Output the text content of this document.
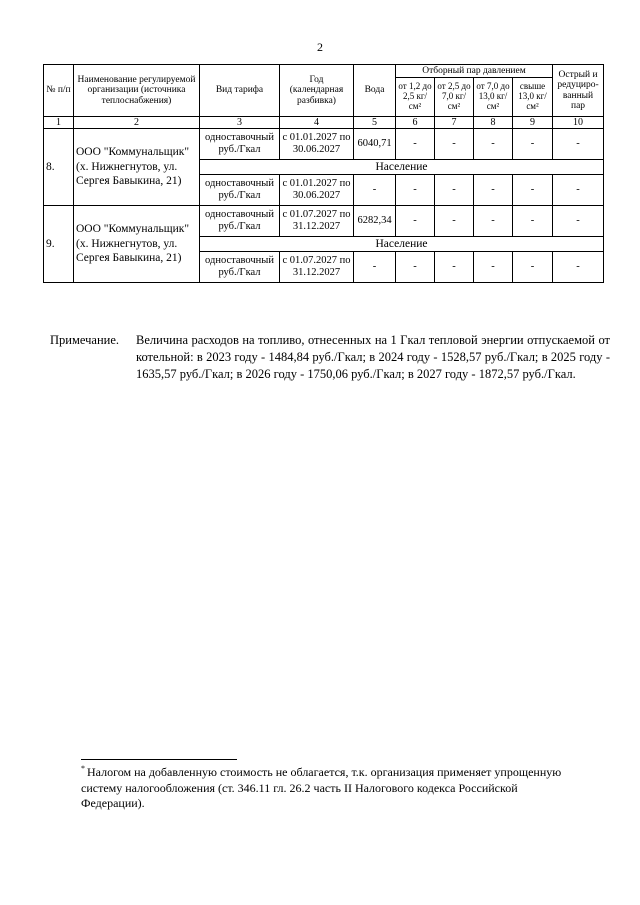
2
№ п/п	Наименование регулируемой организации (источника теплоснабжения)	Вид тарифа	Год (календарная разбивка)	Вода	Отборный пар давлением				Острый и редуциро-ванный пар
					от 1,2 до 2,5 кг/см²	от 2,5 до 7,0 кг/см²	от 7,0 до 13,0 кг/см²	свыше 13,0 кг/см²	
1	2	3	4	5	6	7	8	9	10
8.	ООО "Коммунальщик" (х. Нижнегнутов, ул. Сергея Бавыкина, 21)	одноставочный руб./Гкал	с 01.01.2027 по 30.06.2027	6040,71	-	-	-	-	-
		Население							
		одноставочный руб./Гкал	с 01.01.2027 по 30.06.2027	-	-	-	-	-	-
9.	ООО "Коммунальщик" (х. Нижнегнутов, ул. Сергея Бавыкина, 21)	одноставочный руб./Гкал	с 01.07.2027 по 31.12.2027	6282,34	-	-	-	-	-
		Население							
		одноставочный руб./Гкал	с 01.07.2027 по 31.12.2027	-	-	-	-	-	-
Примечание. Величина расходов на топливо, отнесенных на 1 Гкал тепловой энергии отпускаемой от котельной: в 2023 году - 1484,84 руб./Гкал; в 2024 году - 1528,57 руб./Гкал; в 2025 году - 1635,57 руб./Гкал; в 2026 году - 1750,06 руб./Гкал; в 2027 году - 1872,57 руб./Гкал.
* Налогом на добавленную стоимость не облагается, т.к. организация применяет упрощенную систему налогообложения (ст. 346.11 гл. 26.2 часть II Налогового кодекса Российской Федерации).
